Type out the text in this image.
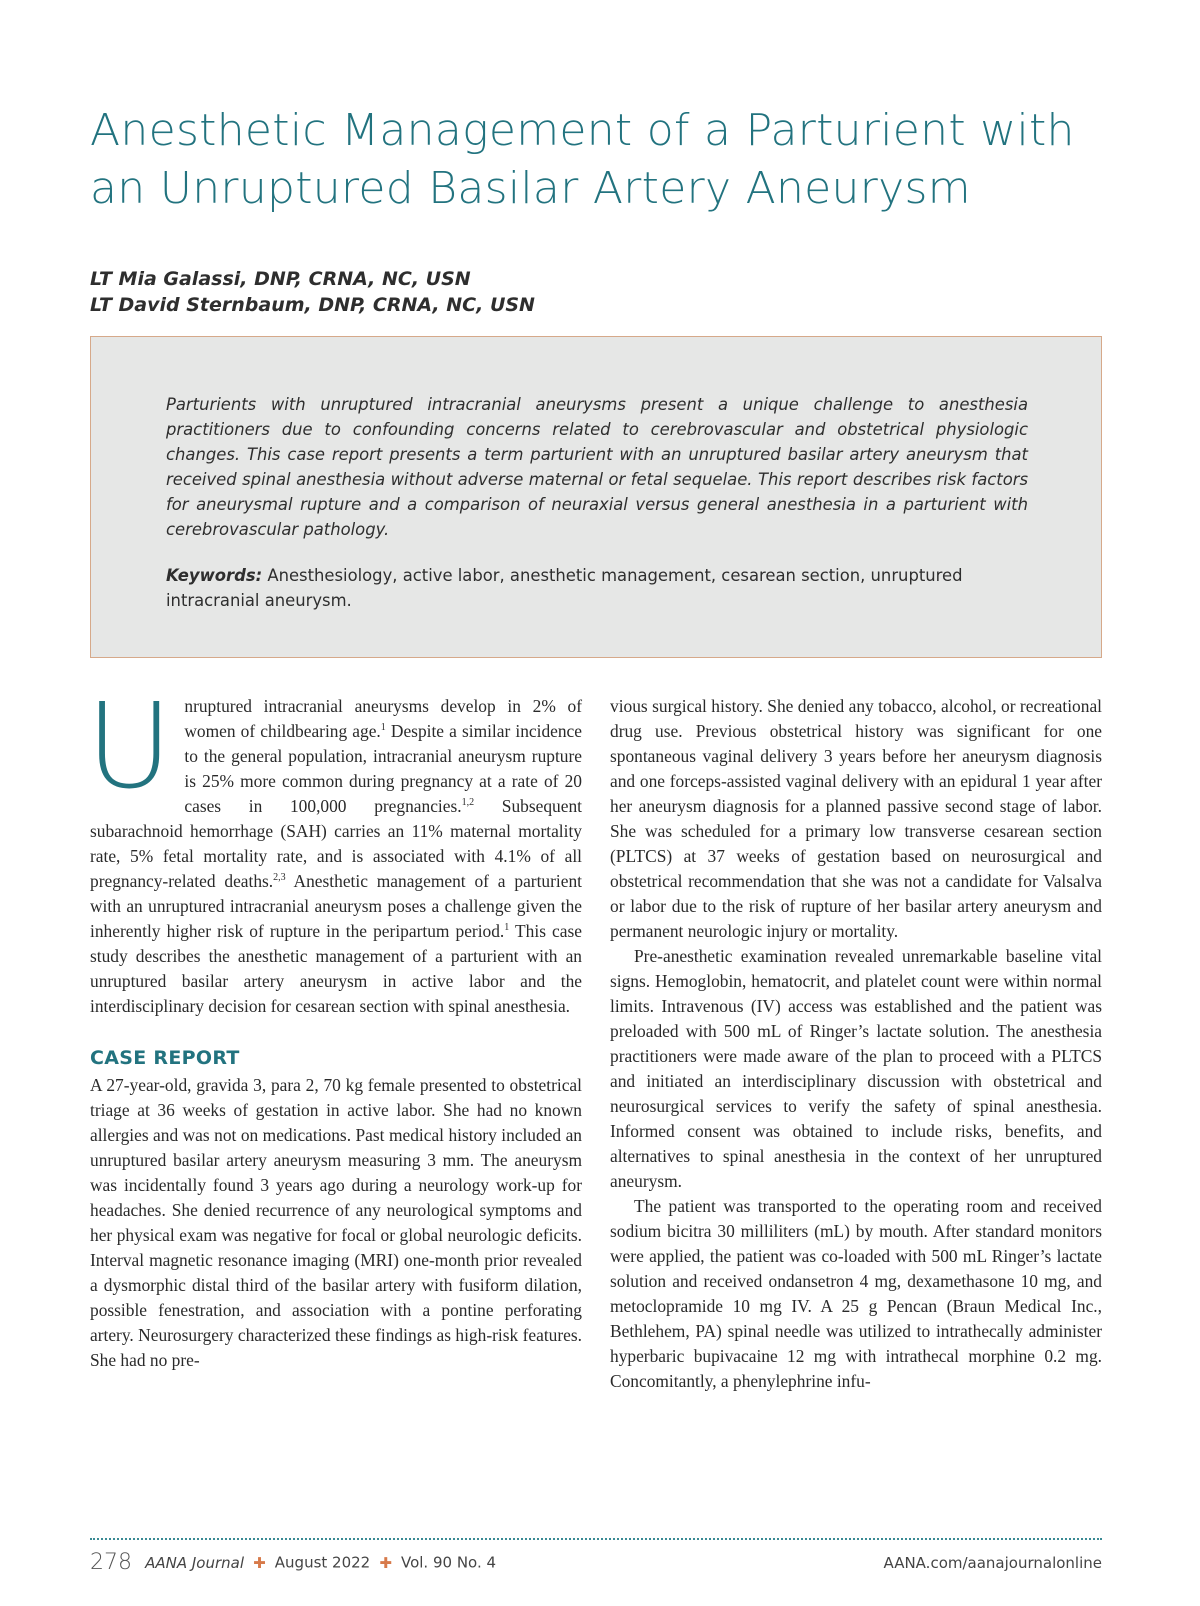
Anesthetic Management of a Parturient with
an Unruptured Basilar Artery Aneurysm
LT Mia Galassi, DNP, CRNA, NC, USN
LT David Sternbaum, DNP, CRNA, NC, USN

Parturients with unruptured intracranial aneurysms present a unique challenge to anesthesia practitioners due to confounding concerns related to cerebrovascular and obstetrical physiologic changes. This case report presents a term parturient with an unruptured basilar artery aneurysm that received spinal anesthesia without adverse maternal or fetal sequelae. This report describes risk factors for aneurysmal rupture and a comparison of neuraxial versus general anesthesia in a parturient with cerebrovascular pathology.

Keywords: Anesthesiology, active labor, anesthetic management, cesarean section, unruptured intracranial aneurysm.

Unruptured intracranial aneurysms develop in 2% of women of childbearing age.$^1$ Despite a similar incidence to the general population, intracranial aneurysm rupture is 25% more common during pregnancy at a rate of 20 cases in 100,000 pregnancies.$^{1,2}$ Subsequent subarachnoid hemorrhage (SAH) carries an 11% maternal mortality rate, 5% fetal mortality rate, and is associated with 4.1% of all pregnancy-related deaths.$^{2,3}$ Anesthetic management of a parturient with an unruptured intracranial aneurysm poses a challenge given the inherently higher risk of rupture in the peripartum period.$^1$ This case study describes the anesthetic management of a parturient with an unruptured basilar artery aneurysm in active labor and the interdisciplinary decision for cesarean section with spinal anesthesia.

CASE REPORT

A 27-year-old, gravida 3, para 2, 70 kg female presented to obstetrical triage at 36 weeks of gestation in active labor. She had no known allergies and was not on medications. Past medical history included an unruptured basilar artery aneurysm measuring 3 mm. The aneurysm was incidentally found 3 years ago during a neurology work-up for headaches. She denied recurrence of any neurological symptoms and her physical exam was negative for focal or global neurologic deficits. Interval magnetic resonance imaging (MRI) one-month prior revealed a dysmorphic distal third of the basilar artery with fusiform dilation, possible fenestration, and association with a pontine perforating artery. Neurosurgery characterized these findings as high-risk features. She had no pre-

vious surgical history. She denied any tobacco, alcohol, or recreational drug use. Previous obstetrical history was significant for one spontaneous vaginal delivery 3 years before her aneurysm diagnosis and one forceps-assisted vaginal delivery with an epidural 1 year after her aneurysm diagnosis for a planned passive second stage of labor. She was scheduled for a primary low transverse cesarean section (PLTCS) at 37 weeks of gestation based on neurosurgical and obstetrical recommendation that she was not a candidate for Valsalva or labor due to the risk of rupture of her basilar artery aneurysm and permanent neurologic injury or mortality.

Pre-anesthetic examination revealed unremarkable baseline vital signs. Hemoglobin, hematocrit, and platelet count were within normal limits. Intravenous (IV) access was established and the patient was preloaded with 500 mL of Ringer’s lactate solution. The anesthesia practitioners were made aware of the plan to proceed with a PLTCS and initiated an interdisciplinary discussion with obstetrical and neurosurgical services to verify the safety of spinal anesthesia. Informed consent was obtained to include risks, benefits, and alternatives to spinal anesthesia in the context of her unruptured aneurysm.

The patient was transported to the operating room and received sodium bicitra 30 milliliters (mL) by mouth. After standard monitors were applied, the patient was co-loaded with 500 mL Ringer’s lactate solution and received ondansetron 4 mg, dexamethasone 10 mg, and metoclopramide 10 mg IV. A 25 g Pencan (Braun Medical Inc., Bethlehem, PA) spinal needle was utilized to intrathecally administer hyperbaric bupivacaine 12 mg with intrathecal morphine 0.2 mg. Concomitantly, a phenylephrine infu-

278 AANA Journal ✚ August 2022 ✚ Vol. 90 No. 4	AANA.com/aanajournalonline
